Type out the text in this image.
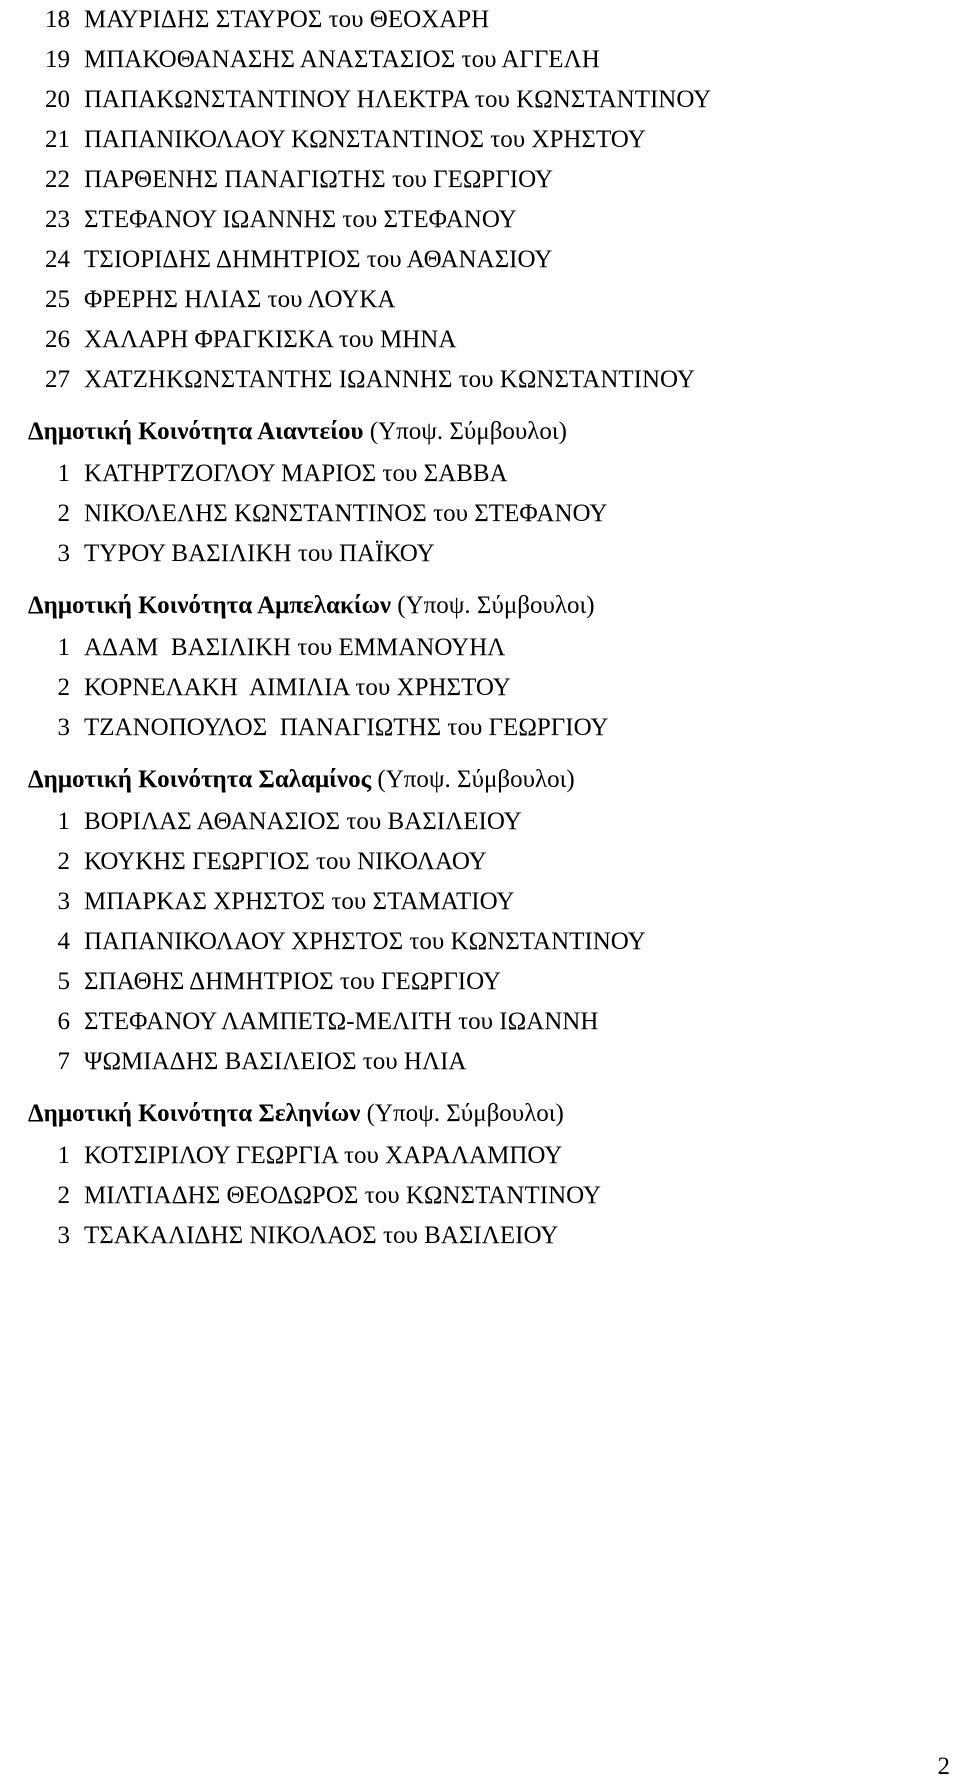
18 ΜΑΥΡΙΔΗΣ ΣΤΑΥΡΟΣ του ΘΕΟΧΑΡΗ
19 ΜΠΑΚΟΘΑΝΑΣΗΣ ΑΝΑΣΤΑΣΙΟΣ του ΑΓΓΕΛΗ
20 ΠΑΠΑΚΩΝΣΤΑΝΤΙΝΟΥ ΗΛΕΚΤΡΑ του ΚΩΝΣΤΑΝΤΙΝΟΥ
21 ΠΑΠΑΝΙΚΟΛΑΟΥ ΚΩΝΣΤΑΝΤΙΝΟΣ του ΧΡΗΣΤΟΥ
22 ΠΑΡΘΕΝΗΣ ΠΑΝΑΓΙΩΤΗΣ του ΓΕΩΡΓΙΟΥ
23 ΣΤΕΦΑΝΟΥ ΙΩΑΝΝΗΣ του ΣΤΕΦΑΝΟΥ
24 ΤΣΙΟΡΙΔΗΣ ΔΗΜΗΤΡΙΟΣ του ΑΘΑΝΑΣΙΟΥ
25 ΦΡΕΡΗΣ ΗΛΙΑΣ του ΛΟΥΚΑ
26 ΧΑΛΑΡΗ ΦΡΑΓΚΙΣΚΑ του ΜΗΝΑ
27 ΧΑΤΖΗΚΩΝΣΤΑΝΤΗΣ ΙΩΑΝΝΗΣ του ΚΩΝΣΤΑΝΤΙΝΟΥ
Δημοτική Κοινότητα Αιαντείου (Υποψ. Σύμβουλοι)
1 ΚΑΤΗΡΤΖΟΓΛΟΥ ΜΑΡΙΟΣ του ΣΑΒΒΑ
2 ΝΙΚΟΛΕΛΗΣ ΚΩΝΣΤΑΝΤΙΝΟΣ του ΣΤΕΦΑΝΟΥ
3 ΤΥΡΟΥ ΒΑΣΙΛΙΚΗ του ΠΑΪΚΟΥ
Δημοτική Κοινότητα Αμπελακίων (Υποψ. Σύμβουλοι)
1 ΑΔΑΜ  ΒΑΣΙΛΙΚΗ του ΕΜΜΑΝΟΥΗΛ
2 ΚΟΡΝΕΛΑΚΗ  ΑΙΜΙΛΙΑ του ΧΡΗΣΤΟΥ
3 ΤΖΑΝΟΠΟΥΛΟΣ  ΠΑΝΑΓΙΩΤΗΣ του ΓΕΩΡΓΙΟΥ
Δημοτική Κοινότητα Σαλαμίνος (Υποψ. Σύμβουλοι)
1 ΒΟΡΙΛΑΣ ΑΘΑΝΑΣΙΟΣ του ΒΑΣΙΛΕΙΟΥ
2 ΚΟΥΚΗΣ ΓΕΩΡΓΙΟΣ του ΝΙΚΟΛΑΟΥ
3 ΜΠΑΡΚΑΣ ΧΡΗΣΤΟΣ του ΣΤΑΜΑΤΙΟΥ
4 ΠΑΠΑΝΙΚΟΛΑΟΥ ΧΡΗΣΤΟΣ του ΚΩΝΣΤΑΝΤΙΝΟΥ
5 ΣΠΑΘΗΣ ΔΗΜΗΤΡΙΟΣ του ΓΕΩΡΓΙΟΥ
6 ΣΤΕΦΑΝΟΥ ΛΑΜΠΕΤΩ-ΜΕΛΙΤΗ του ΙΩΑΝΝΗ
7 ΨΩΜΙΑΔΗΣ ΒΑΣΙΛΕΙΟΣ του ΗΛΙΑ
Δημοτική Κοινότητα Σεληνίων (Υποψ. Σύμβουλοι)
1 ΚΟΤΣΙΡΙΛΟΥ ΓΕΩΡΓΙΑ του ΧΑΡΑΛΑΜΠΟΥ
2 ΜΙΛΤΙΑΔΗΣ ΘΕΟΔΩΡΟΣ του ΚΩΝΣΤΑΝΤΙΝΟΥ
3 ΤΣΑΚΑΛΙΔΗΣ ΝΙΚΟΛΑΟΣ του ΒΑΣΙΛΕΙΟΥ
2
